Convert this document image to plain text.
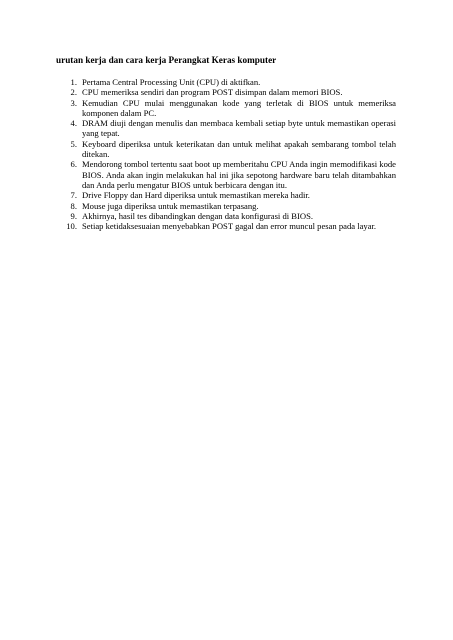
urutan kerja dan cara kerja Perangkat Keras komputer
1. Pertama Central Processing Unit (CPU) di aktifkan.
2. CPU memeriksa sendiri dan program POST disimpan dalam memori BIOS.
3. Kemudian CPU mulai menggunakan kode yang terletak di BIOS untuk memeriksa komponen dalam PC.
4. DRAM diuji dengan menulis dan membaca kembali setiap byte untuk memastikan operasi yang tepat.
5. Keyboard diperiksa untuk keterikatan dan untuk melihat apakah sembarang tombol telah ditekan.
6. Mendorong tombol tertentu saat boot up memberitahu CPU Anda ingin memodifikasi kode BIOS. Anda akan ingin melakukan hal ini jika sepotong hardware baru telah ditambahkan dan Anda perlu mengatur BIOS untuk berbicara dengan itu.
7. Drive Floppy dan Hard diperiksa untuk memastikan mereka hadir.
8. Mouse juga diperiksa untuk memastikan terpasang.
9. Akhirnya, hasil tes dibandingkan dengan data konfigurasi di BIOS.
10. Setiap ketidaksesuaian menyebabkan POST gagal dan error muncul pesan pada layar.
